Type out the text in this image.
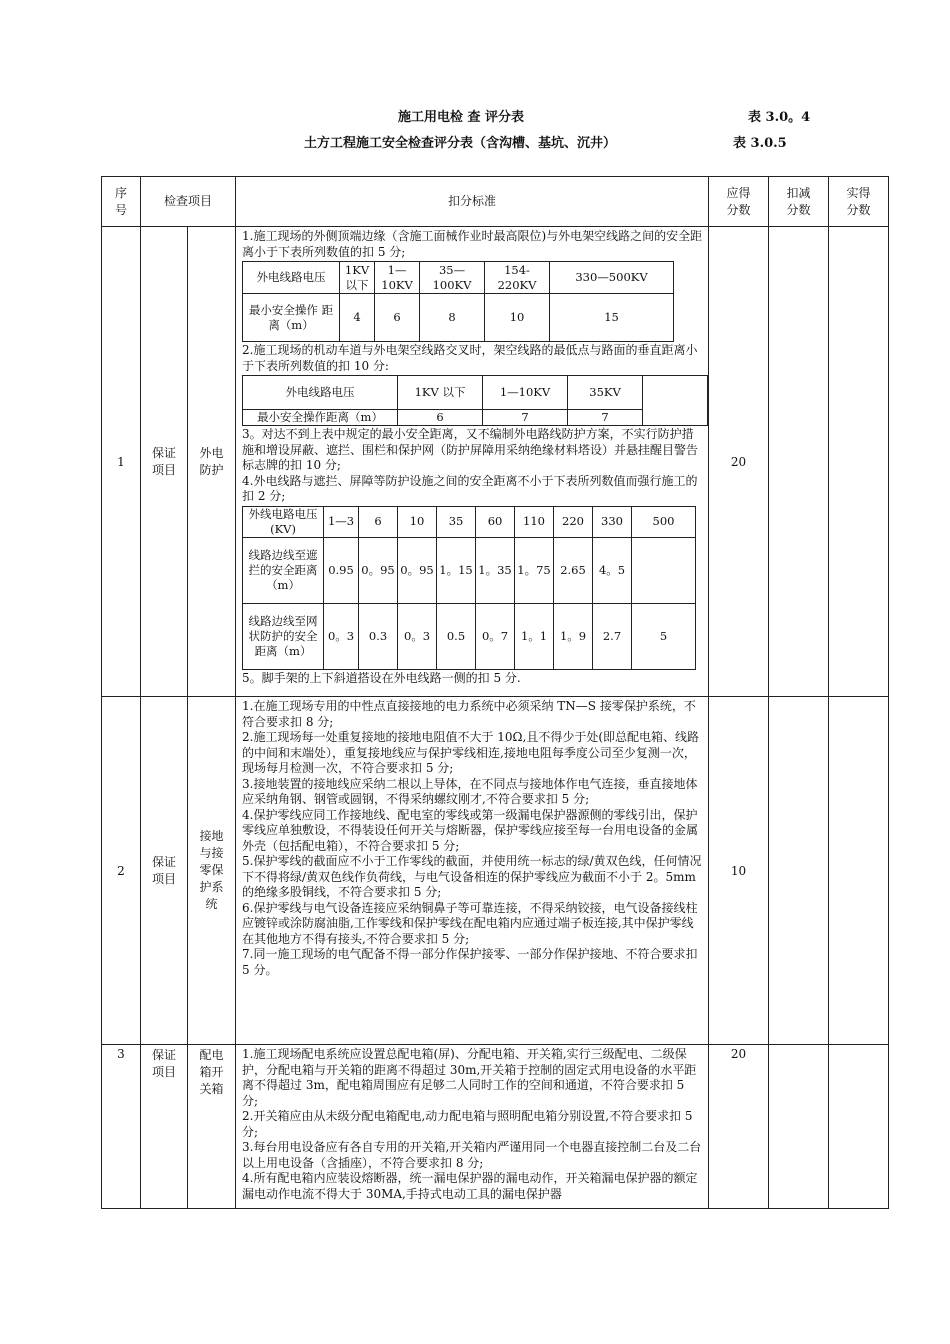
施工用电检 查 评分表	表 3.0。4
土方工程施工安全检查评分表（含沟槽、基坑、沉井）	表 3.0.5
序号	检查项目	扣分标准	应得分数	扣减分数	实得分数
1	保证项目	外电防护	

1.施工现场的外侧顶端边缘（含施工面械作业时最高限位)与外电架空线路之间的安全距离小于下表所列数值的扣 5 分;

外电线路电压	1KV以下	1—10KV	35—100KV	154-220KV	330—500KV
最小安全操作 距 离（m）	4	6	8	10	15

2.施工现场的机动车道与外电架空线路交叉时，架空线路的最低点与路面的垂直距离小于下表所列数值的扣 10 分:

外电线路电压	1KV 以下	1—10KV	35KV	
最小安全操作距离（m）	6	7	7

3。对达不到上表中规定的最小安全距离，又不编制外电路线防护方案，不实行防护措施和增设屏蔽、遮拦、围栏和保护网（防护屏障用采纳绝缘材料塔设）并悬挂醒目警告标志牌的扣 10 分;

4.外电线路与遮拦、屏障等防护设施之间的安全距离不小于下表所列数值而强行施工的扣 2 分;

外线电路电压(KV)	1—3	6	10	35	60	110	220	330	500
线路边线至遮拦的安全距离（m）	0.95	0。95	0。95	1。15	1。35	1。75	2.65	4。5	
线路边线至网状防护的安全距离（m）	0。3	0.3	0。3	0.5	0。7	1。1	1。9	2.7	5

5。脚手架的上下斜道搭设在外电线路一侧的扣 5 分.

	20		
2	保证项目	接地与接零保护系统	

1.在施工现场专用的中性点直接接地的电力系统中必须采纳 TN—S 接零保护系统，不符合要求扣 8 分;

2.施工现场每一处重复接地的接地电阻值不大于 10Ω,且不得少于处(即总配电箱、线路的中间和末端处），重复接地线应与保护零线相连,接地电阻每季度公司至少复测一次，现场每月检测一次，不符合要求扣 5 分;

3.接地装置的接地线应采纳二根以上导体，在不同点与接地体作电气连接，垂直接地体应采纳角钢、钢管或圆钢，不得采纳螺纹刚才,不符合要求扣 5 分;

4.保护零线应同工作接地线、配电室的零线或第一级漏电保护器源侧的零线引出，保护零线应单独敷设，不得装设任何开关与熔断器，保护零线应接至每一台用电设备的金属外壳（包括配电箱），不符合要求扣 5 分;

5.保护零线的截面应不小于工作零线的截面，并使用统一标志的绿/黄双色线，任何情况下不得将绿/黄双色线作负荷线，与电气设备相连的保护零线应为截面不小于 2。5mm 的绝缘多股铜线，不符合要求扣 5 分;

6.保护零线与电气设备连接应采纳铜鼻子等可靠连接，不得采纳铰接，电气设备接线柱应镀锌或涂防腐油脂,工作零线和保护零线在配电箱内应通过端子板连接,其中保护零线在其他地方不得有接头,不符合要求扣 5 分;

7.同一施工现场的电气配备不得一部分作保护接零、一部分作保护接地、不符合要求扣 5 分。

	10		
3	保证项目	配电箱开关箱	

1.施工现场配电系统应设置总配电箱(屏)、分配电箱、开关箱,实行三级配电、二级保护，分配电箱与开关箱的距离不得超过 30m,开关箱于控制的固定式用电设备的水平距离不得超过 3m，配电箱周围应有足够二人同时工作的空间和通道，不符合要求扣 5 分;

2.开关箱应由从未级分配电箱配电,动力配电箱与照明配电箱分别设置,不符合要求扣 5 分;

3.每台用电设备应有各自专用的开关箱,开关箱内严谨用同一个电器直接控制二台及二台以上用电设备（含插座），不符合要求扣 8 分;

4.所有配电箱内应装设熔断器，统一漏电保护器的漏电动作，开关箱漏电保护器的额定漏电动作电流不得大于 30MA,手持式电动工具的漏电保护器

	20		
